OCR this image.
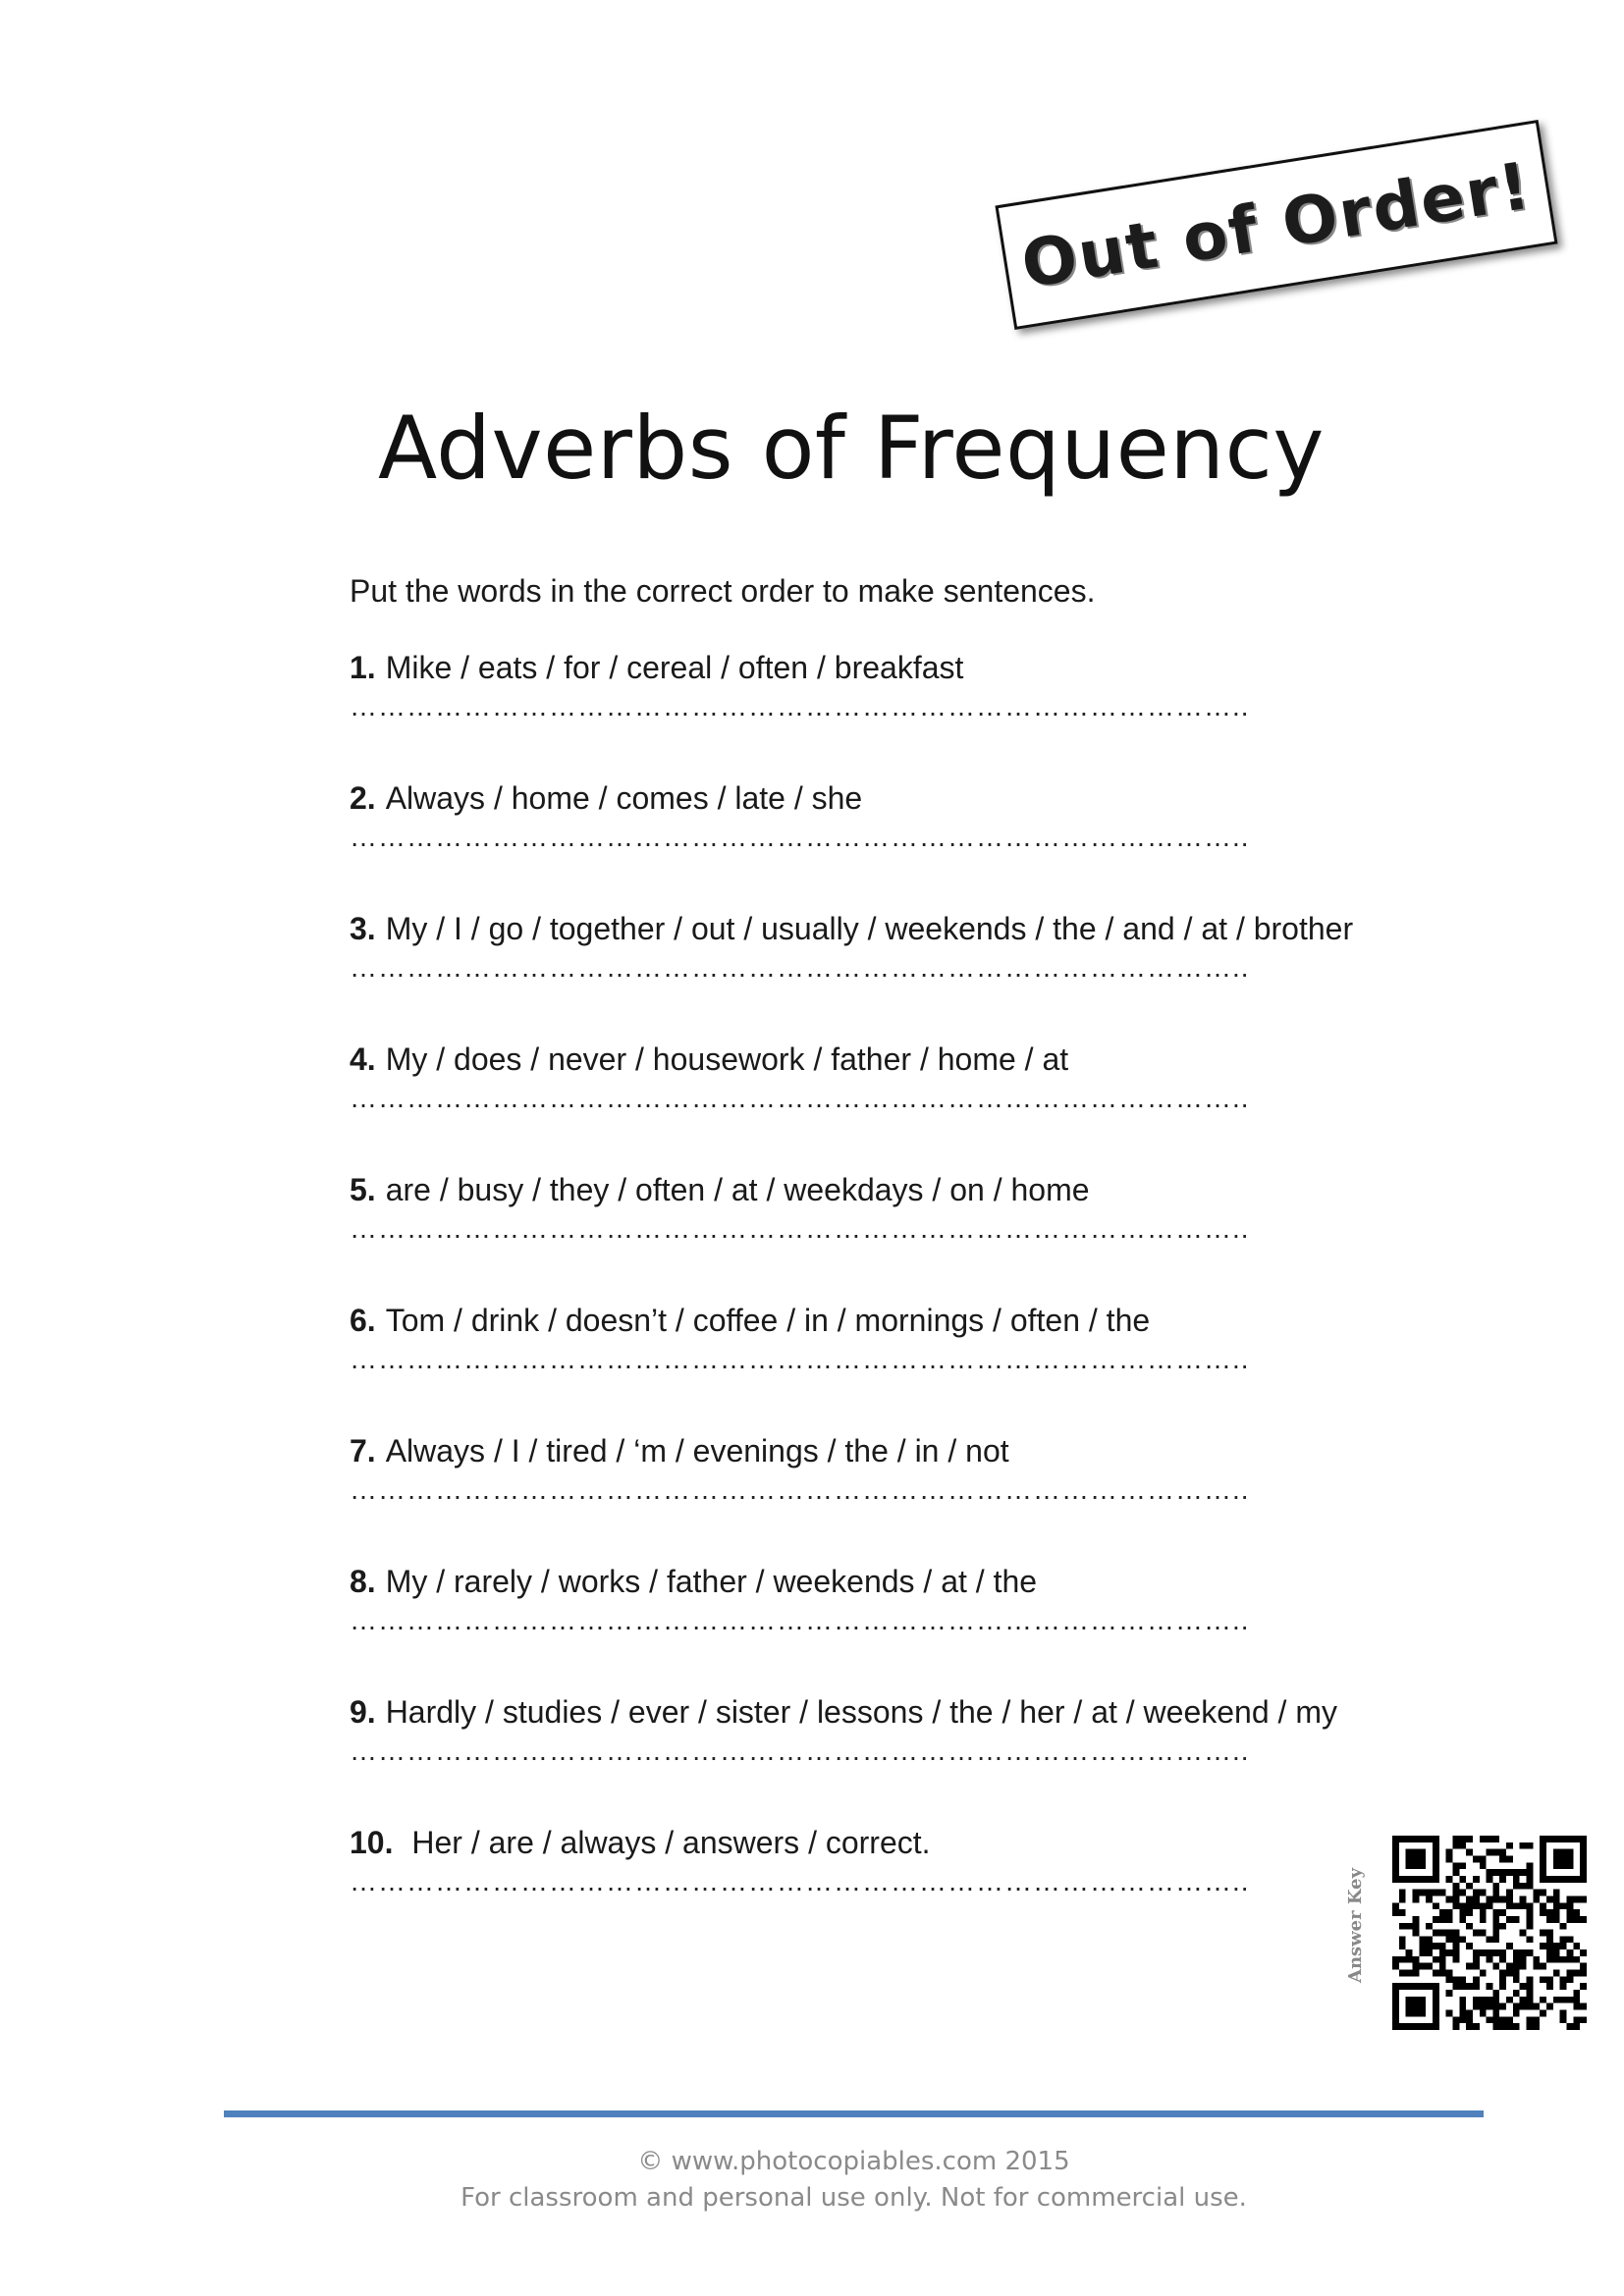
Out of Order!
Adverbs of Frequency

Put the words in the correct order to make sentences.

1. Mike / eats / for / cereal / often / breakfast
…………………………………………………………………………………..
2. Always / home / comes / late / she
…………………………………………………………………………………..
3. My / I / go / together / out / usually / weekends / the / and / at / brother
…………………………………………………………………………………..
4. My / does / never / housework / father / home / at
…………………………………………………………………………………..
5. are / busy / they / often / at / weekdays / on / home
…………………………………………………………………………………..
6. Tom / drink / doesn’t / coffee / in / mornings / often / the
…………………………………………………………………………………..
7. Always / I / tired / ‘m / evenings / the / in / not
…………………………………………………………………………………..
8. My / rarely / works / father / weekends / at / the
…………………………………………………………………………………..
9. Hardly / studies / ever / sister / lessons / the / her / at / weekend / my
…………………………………………………………………………………..
10. Her / are / always / answers / correct.
…………………………………………………………………………………..	Answer Key
© www.photocopiables.com 2015
For classroom and personal use only. Not for commercial use.
